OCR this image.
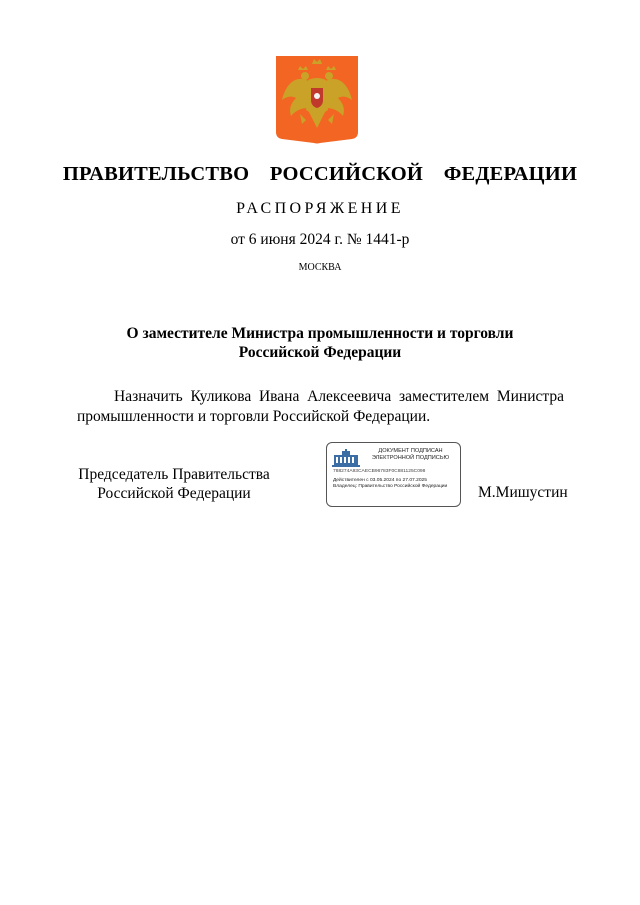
ПРАВИТЕЛЬСТВО  РОССИЙСКОЙ  ФЕДЕРАЦИИ
РАСПОРЯЖЕНИЕ
от 6 июня 2024 г. № 1441-р
МОСКВА
О заместителе Министра промышленности и торговли
Российской Федерации

Назначить Куликова Ивана Алексеевича заместителем Министра промышленности и торговли Российской Федерации.

Председатель Правительства
Российской Федерации
ДОКУМЕНТ ПОДПИСАН
ЭЛЕКТРОННОЙ ПОДПИСЬЮ
788274A93CAECB96783F0C881125C098
Действителен с 03.05.2024 по 27.07.2025
Владелец: Правительство Российской Федерации	М.Мишустин
